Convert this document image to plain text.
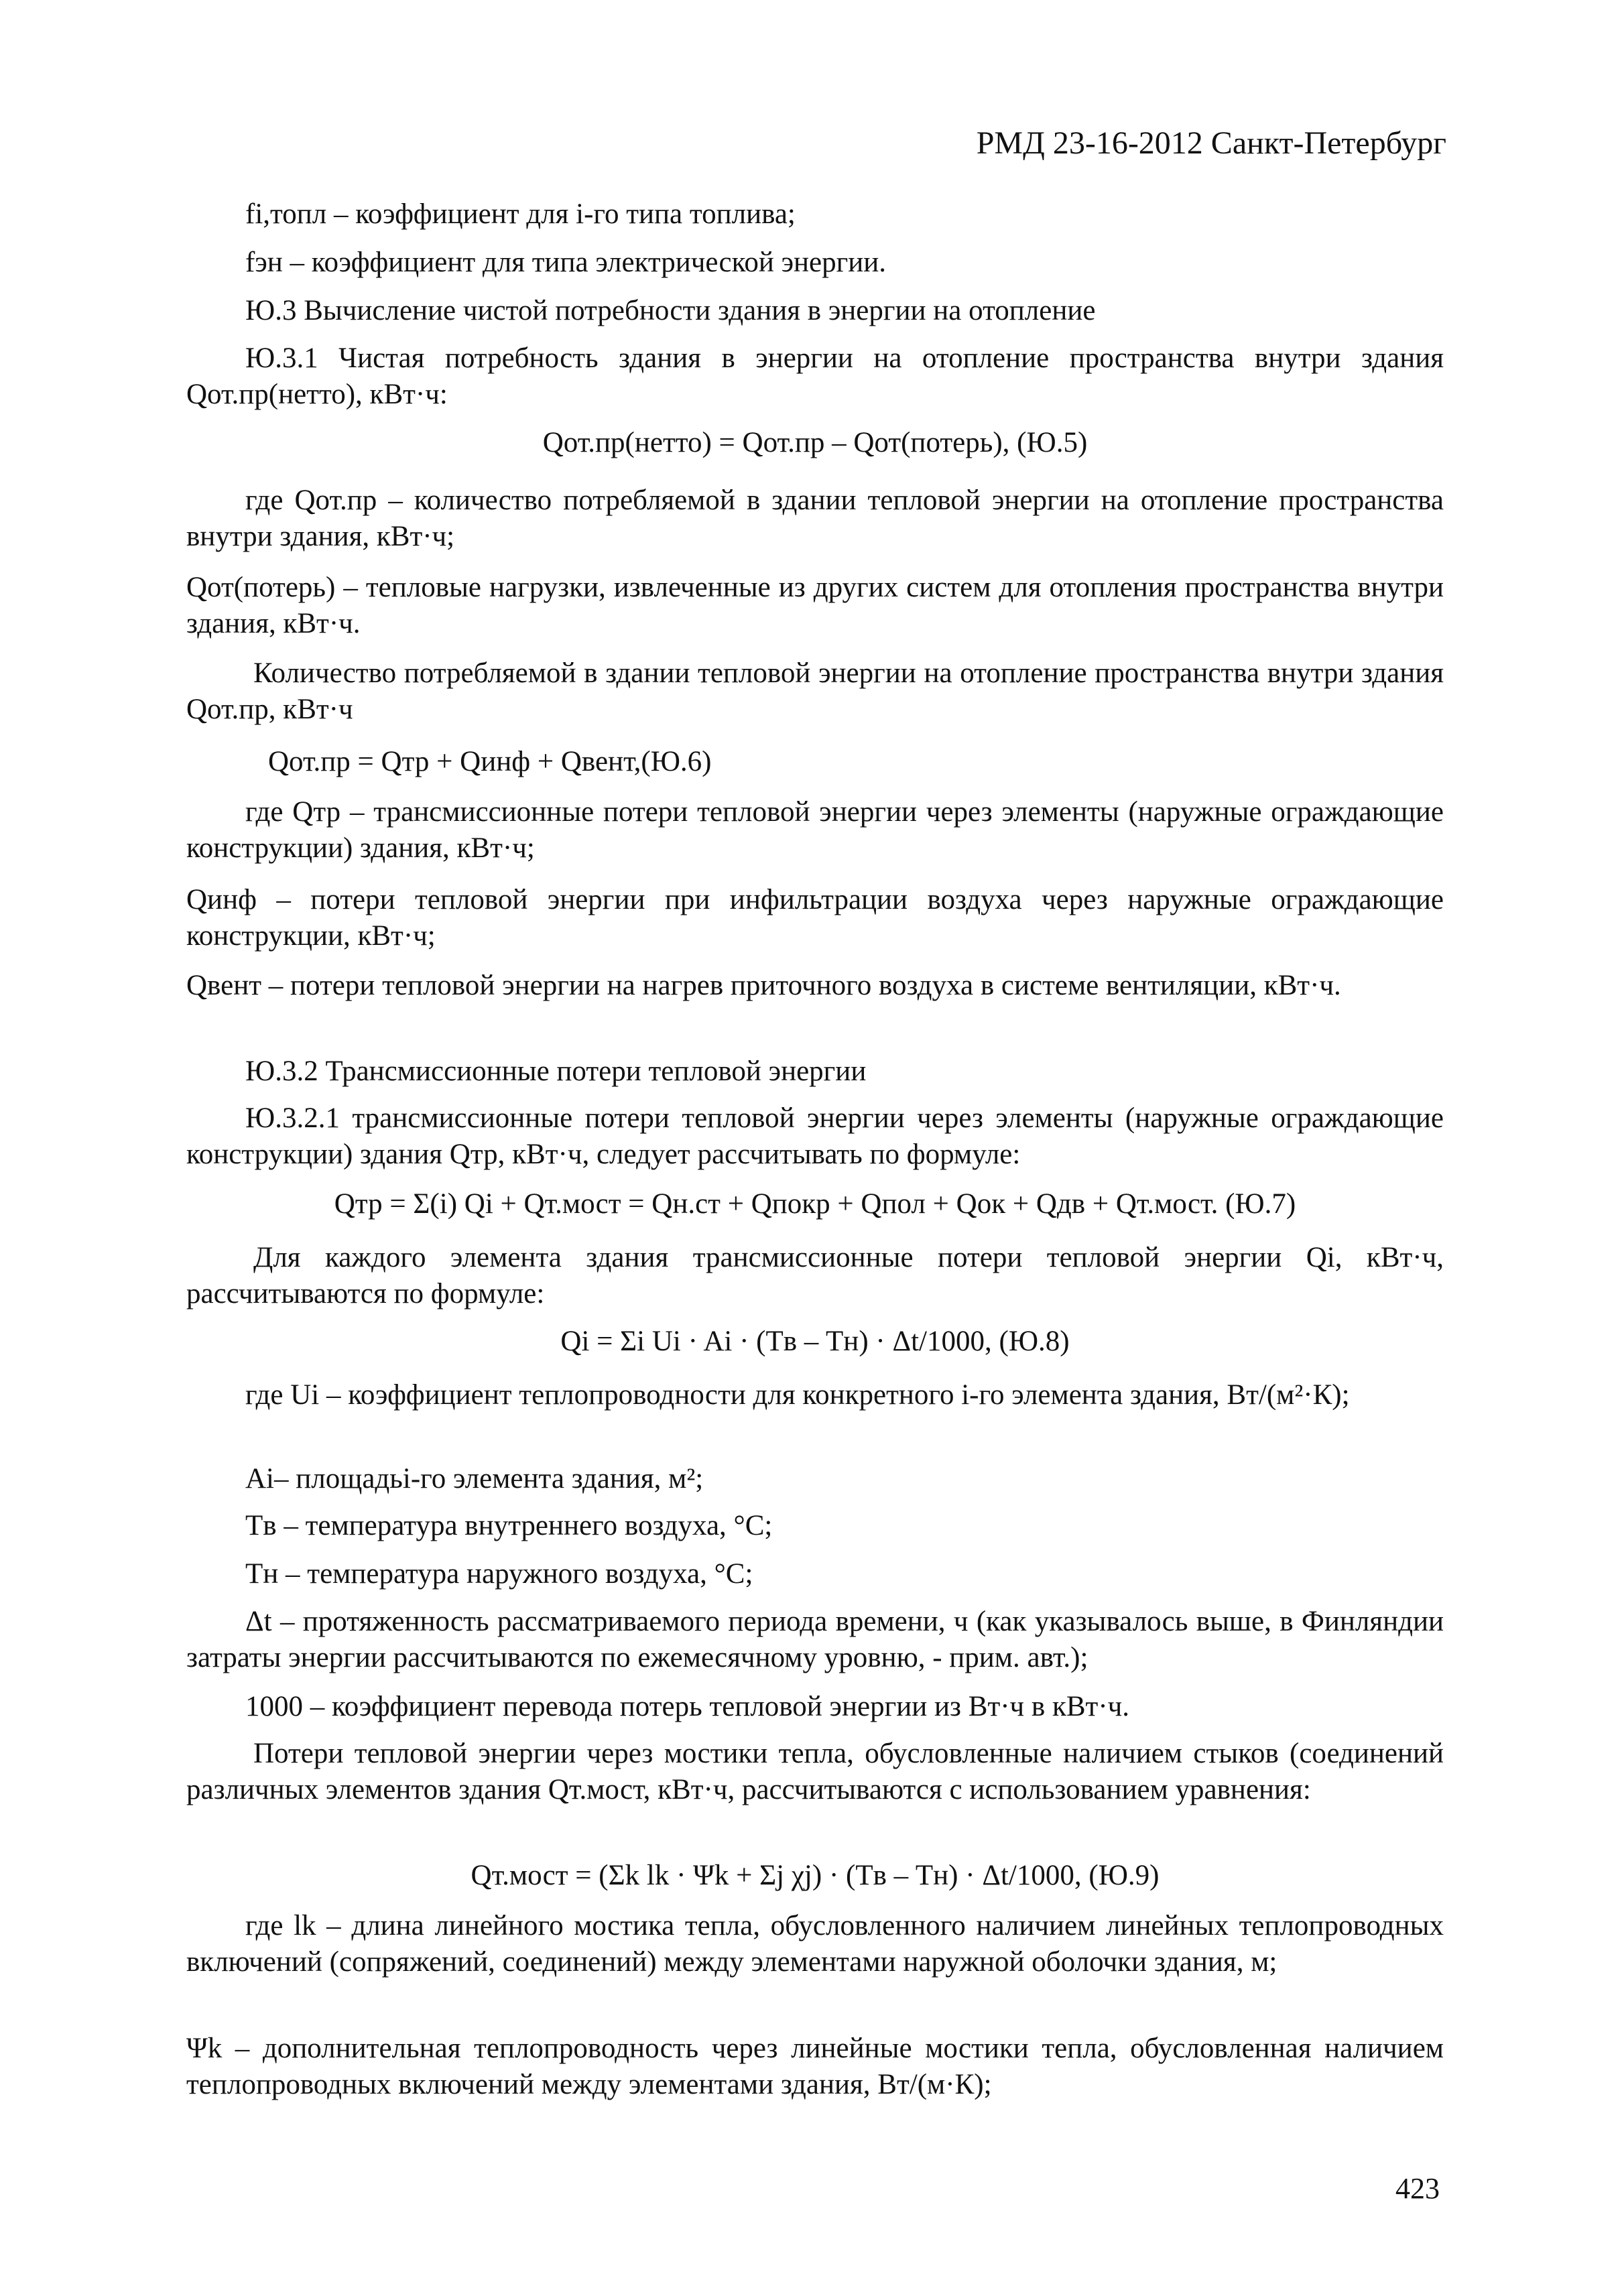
РМД 23-16-2012 Санкт-Петербург
fi,топл – коэффициент для i-го типа топлива;
fэн – коэффициент для типа электрической энергии.
Ю.3 Вычисление чистой потребности здания в энергии на отопление
Ю.3.1 Чистая потребность здания в энергии на отопление пространства внутри здания Qот.пр(нетто), кВт·ч:
Qот.пр(нетто) = Qот.пр – Qот(потерь), (Ю.5)
где Qот.пр – количество потребляемой в здании тепловой энергии на отопление пространства внутри здания, кВт·ч;
Qот(потерь) – тепловые нагрузки, извлеченные из других систем для отопления пространства внутри здания, кВт·ч.
Количество потребляемой в здании тепловой энергии на отопление пространства внутри здания Qот.пр, кВт·ч
Qот.пр = Qтр + Qинф + Qвент,(Ю.6)
где Qтр – трансмиссионные потери тепловой энергии через элементы (наружные ограждающие конструкции) здания, кВт·ч;
Qинф – потери тепловой энергии при инфильтрации воздуха через наружные ограждающие конструкции, кВт·ч;
Qвент – потери тепловой энергии на нагрев приточного воздуха в системе вентиляции, кВт·ч.
Ю.3.2 Трансмиссионные потери тепловой энергии
Ю.3.2.1 трансмиссионные потери тепловой энергии через элементы (наружные ограждающие конструкции) здания Qтр, кВт·ч, следует рассчитывать по формуле:
Qтр = Σ(i) Qi + Qт.мост = Qн.ст + Qпокр + Qпол + Qок + Qдв + Qт.мост. (Ю.7)
Для каждого элемента здания трансмиссионные потери тепловой энергии Qi, кВт·ч, рассчитываются по формуле:
Qi = Σi Ui · Ai · (Tв – Tн) · Δt/1000, (Ю.8)
где Ui – коэффициент теплопроводности для конкретного i-го элемента здания, Вт/(м²·К);
Ai– площадьi-го элемента здания, м²;
Tв – температура внутреннего воздуха, °С;
Tн – температура наружного воздуха, °С;
Δt – протяженность рассматриваемого периода времени, ч (как указывалось выше, в Финляндии затраты энергии рассчитываются по ежемесячному уровню, - прим. авт.);
1000 – коэффициент перевода потерь тепловой энергии из Вт·ч в кВт·ч.
Потери тепловой энергии через мостики тепла, обусловленные наличием стыков (соединений различных элементов здания Qт.мост, кВт·ч, рассчитываются с использованием уравнения:
Qт.мост = (Σk lk · Ψk + Σj χj) · (Tв – Tн) · Δt/1000, (Ю.9)
где lk – длина линейного мостика тепла, обусловленного наличием линейных теплопроводных включений (сопряжений, соединений) между элементами наружной оболочки здания, м;
Ψk – дополнительная теплопроводность через линейные мостики тепла, обусловленная наличием теплопроводных включений между элементами здания, Вт/(м·К);
423
